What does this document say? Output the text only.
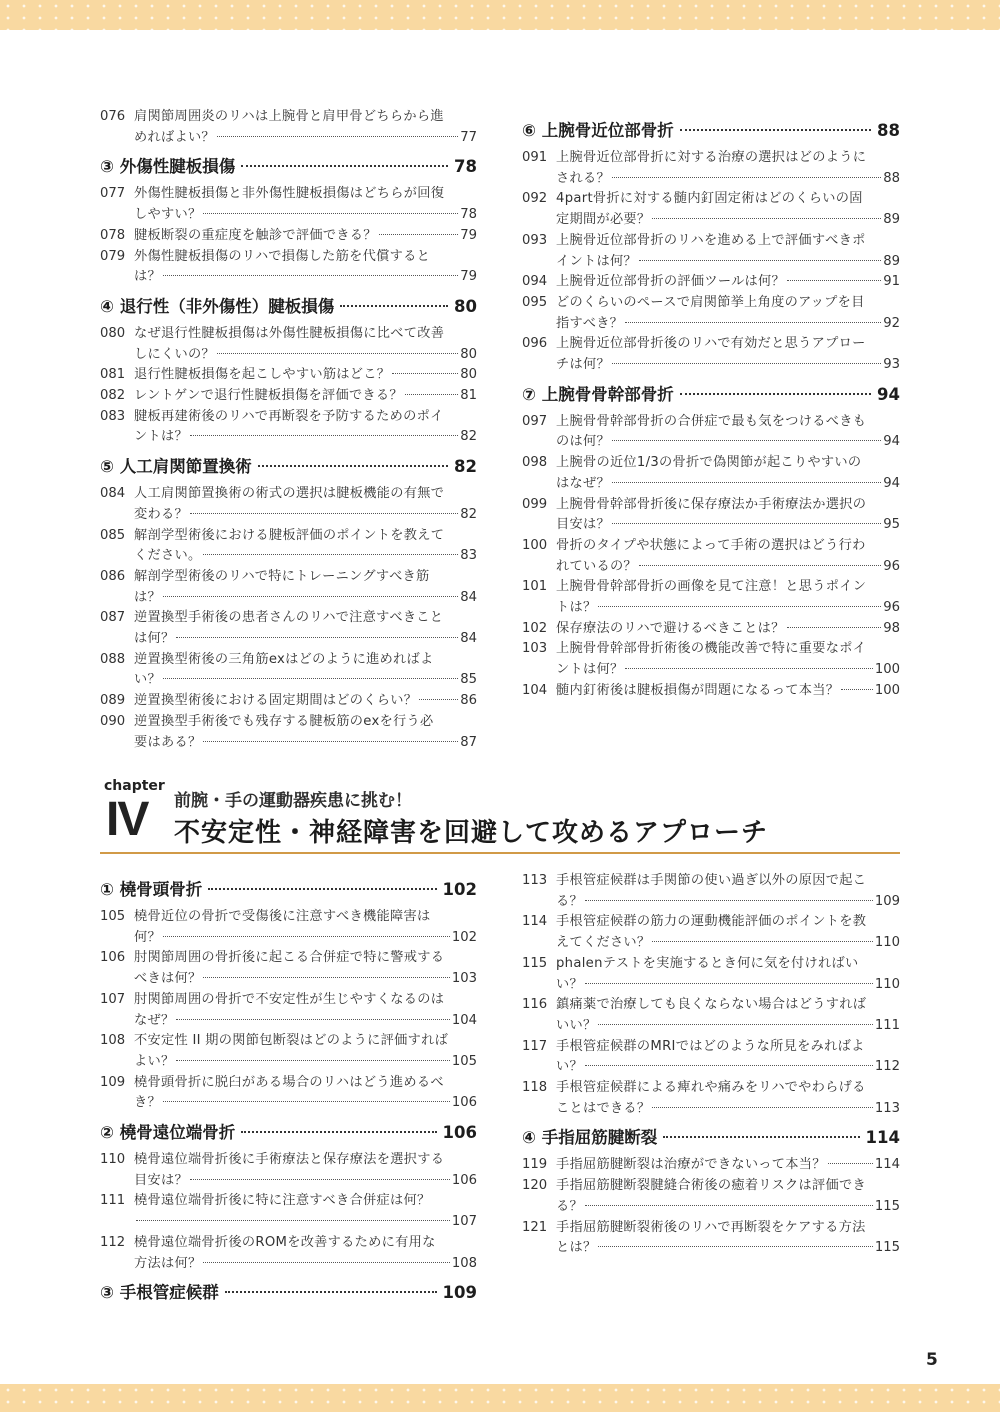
076 肩関節周囲炎のリハは上腕骨と肩甲骨どちらから進
めればよい？	77
③ 外傷性腱板損傷	78
077 外傷性腱板損傷と非外傷性腱板損傷はどちらが回復
しやすい？	78
078 腱板断裂の重症度を触診で評価できる？	79
079 外傷性腱板損傷のリハで損傷した筋を代償すると
は？	79
④ 退行性（非外傷性）腱板損傷	80
080 なぜ退行性腱板損傷は外傷性腱板損傷に比べて改善
しにくいの？	80
081 退行性腱板損傷を起こしやすい筋はどこ？	80
082 レントゲンで退行性腱板損傷を評価できる？	81
083 腱板再建術後のリハで再断裂を予防するためのポイ
ントは？	82
⑤ 人工肩関節置換術	82
084 人工肩関節置換術の術式の選択は腱板機能の有無で
変わる？	82
085 解剖学型術後における腱板評価のポイントを教えて
ください。	83
086 解剖学型術後のリハで特にトレーニングすべき筋
は？	84
087 逆置換型手術後の患者さんのリハで注意すべきこと
は何？	84
088 逆置換型術後の三角筋exはどのように進めればよ
い？	85
089 逆置換型術後における固定期間はどのくらい？	86
090 逆置換型手術後でも残存する腱板筋のexを行う必
要はある？	87
⑥ 上腕骨近位部骨折	88
091 上腕骨近位部骨折に対する治療の選択はどのように
される？	88
092 4part骨折に対する髄内釘固定術はどのくらいの固
定期間が必要？	89
093 上腕骨近位部骨折のリハを進める上で評価すべきポ
イントは何？	89
094 上腕骨近位部骨折の評価ツールは何？	91
095 どのくらいのペースで肩関節挙上角度のアップを目
指すべき？	92
096 上腕骨近位部骨折後のリハで有効だと思うアプロー
チは何？	93
⑦ 上腕骨骨幹部骨折	94
097 上腕骨骨幹部骨折の合併症で最も気をつけるべきも
のは何？	94
098 上腕骨の近位1/3の骨折で偽関節が起こりやすいの
はなぜ？	94
099 上腕骨骨幹部骨折後に保存療法か手術療法か選択の
目安は？	95
100 骨折のタイプや状態によって手術の選択はどう行わ
れているの？	96
101 上腕骨骨幹部骨折の画像を見て注意！と思うポイン
トは？	96
102 保存療法のリハで避けるべきことは？	98
103 上腕骨骨幹部骨折術後の機能改善で特に重要なポイ
ントは何？	100
104 髄内釘術後は腱板損傷が問題になるって本当？	100
chapter
IV 前腕・手の運動器疾患に挑む！
不安定性・神経障害を回避して攻めるアプローチ
① 橈骨頭骨折	102
105 橈骨近位の骨折で受傷後に注意すべき機能障害は
何？	102
106 肘関節周囲の骨折後に起こる合併症で特に警戒する
べきは何？	103
107 肘関節周囲の骨折で不安定性が生じやすくなるのは
なぜ？	104
108 不安定性 II 期の関節包断裂はどのように評価すれば
よい？	105
109 橈骨頭骨折に脱臼がある場合のリハはどう進めるべ
き？	106
② 橈骨遠位端骨折	106
110 橈骨遠位端骨折後に手術療法と保存療法を選択する
目安は？	106
111 橈骨遠位端骨折後に特に注意すべき合併症は何？
107
112 橈骨遠位端骨折後のROMを改善するために有用な
方法は何？	108
③ 手根管症候群	109
113 手根管症候群は手関節の使い過ぎ以外の原因で起こ
る？	109
114 手根管症候群の筋力の運動機能評価のポイントを教
えてください？	110
115 phalenテストを実施するとき何に気を付ければい
い？	110
116 鎮痛薬で治療しても良くならない場合はどうすれば
いい？	111
117 手根管症候群のMRIではどのような所見をみればよ
い？	112
118 手根管症候群による痺れや痛みをリハでやわらげる
ことはできる？	113
④ 手指屈筋腱断裂	114
119 手指屈筋腱断裂は治療ができないって本当？	114
120 手指屈筋腱断裂腱縫合術後の癒着リスクは評価でき
る？	115
121 手指屈筋腱断裂術後のリハで再断裂をケアする方法
とは？	115
5
